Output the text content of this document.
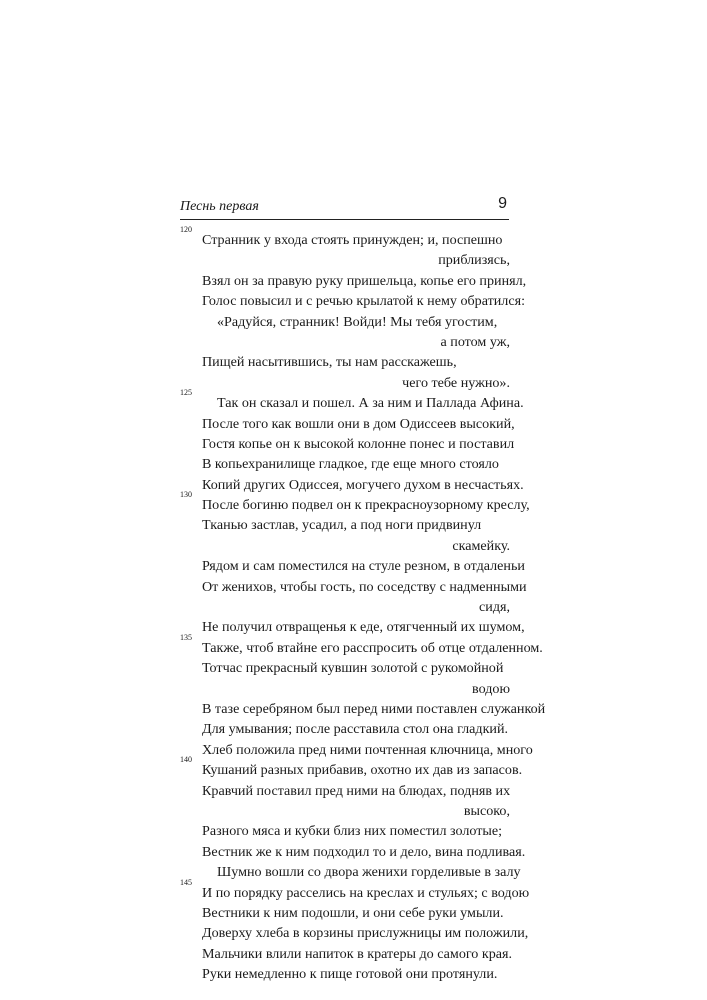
Песнь первая	9
120
Странник у входа стоять принужден; и, поспешно
приблизясь,
Взял он за правую руку пришельца, копье его принял,
Голос повысил и с речью крылатой к нему обратился:
«Радуйся, странник! Войди! Мы тебя угостим,
а потом уж,
Пищей насытившись, ты нам расскажешь,
чего тебе нужно».
125
Так он сказал и пошел. А за ним и Паллада Афина.
После того как вошли они в дом Одиссеев высокий,
Гостя копье он к высокой колонне понес и поставил
В копьехранилище гладкое, где еще много стояло
Копий других Одиссея, могучего духом в несчастьях.
130
После богиню подвел он к прекрасноузорному креслу,
Тканью застлав, усадил, а под ноги придвинул
скамейку.
Рядом и сам поместился на стуле резном, в отдаленьи
От женихов, чтобы гость, по соседству с надменными
сидя,
Не получил отвращенья к еде, отягченный их шумом,
135
Также, чтоб втайне его расспросить об отце отдаленном.
Тотчас прекрасный кувшин золотой с рукомойной
водою
В тазе серебряном был перед ними поставлен служанкой
Для умывания; после расставила стол она гладкий.
Хлеб положила пред ними почтенная ключница, много
140
Кушаний разных прибавив, охотно их дав из запасов.
Кравчий поставил пред ними на блюдах, подняв их
высоко,
Разного мяса и кубки близ них поместил золотые;
Вестник же к ним подходил то и дело, вина подливая.
Шумно вошли со двора женихи горделивые в залу
145
И по порядку расселись на креслах и стульях; с водою
Вестники к ним подошли, и они себе руки умыли.
Доверху хлеба в корзины прислужницы им положили,
Мальчики влили напиток в кратеры до самого края.
Руки немедленно к пище готовой они протянули.
